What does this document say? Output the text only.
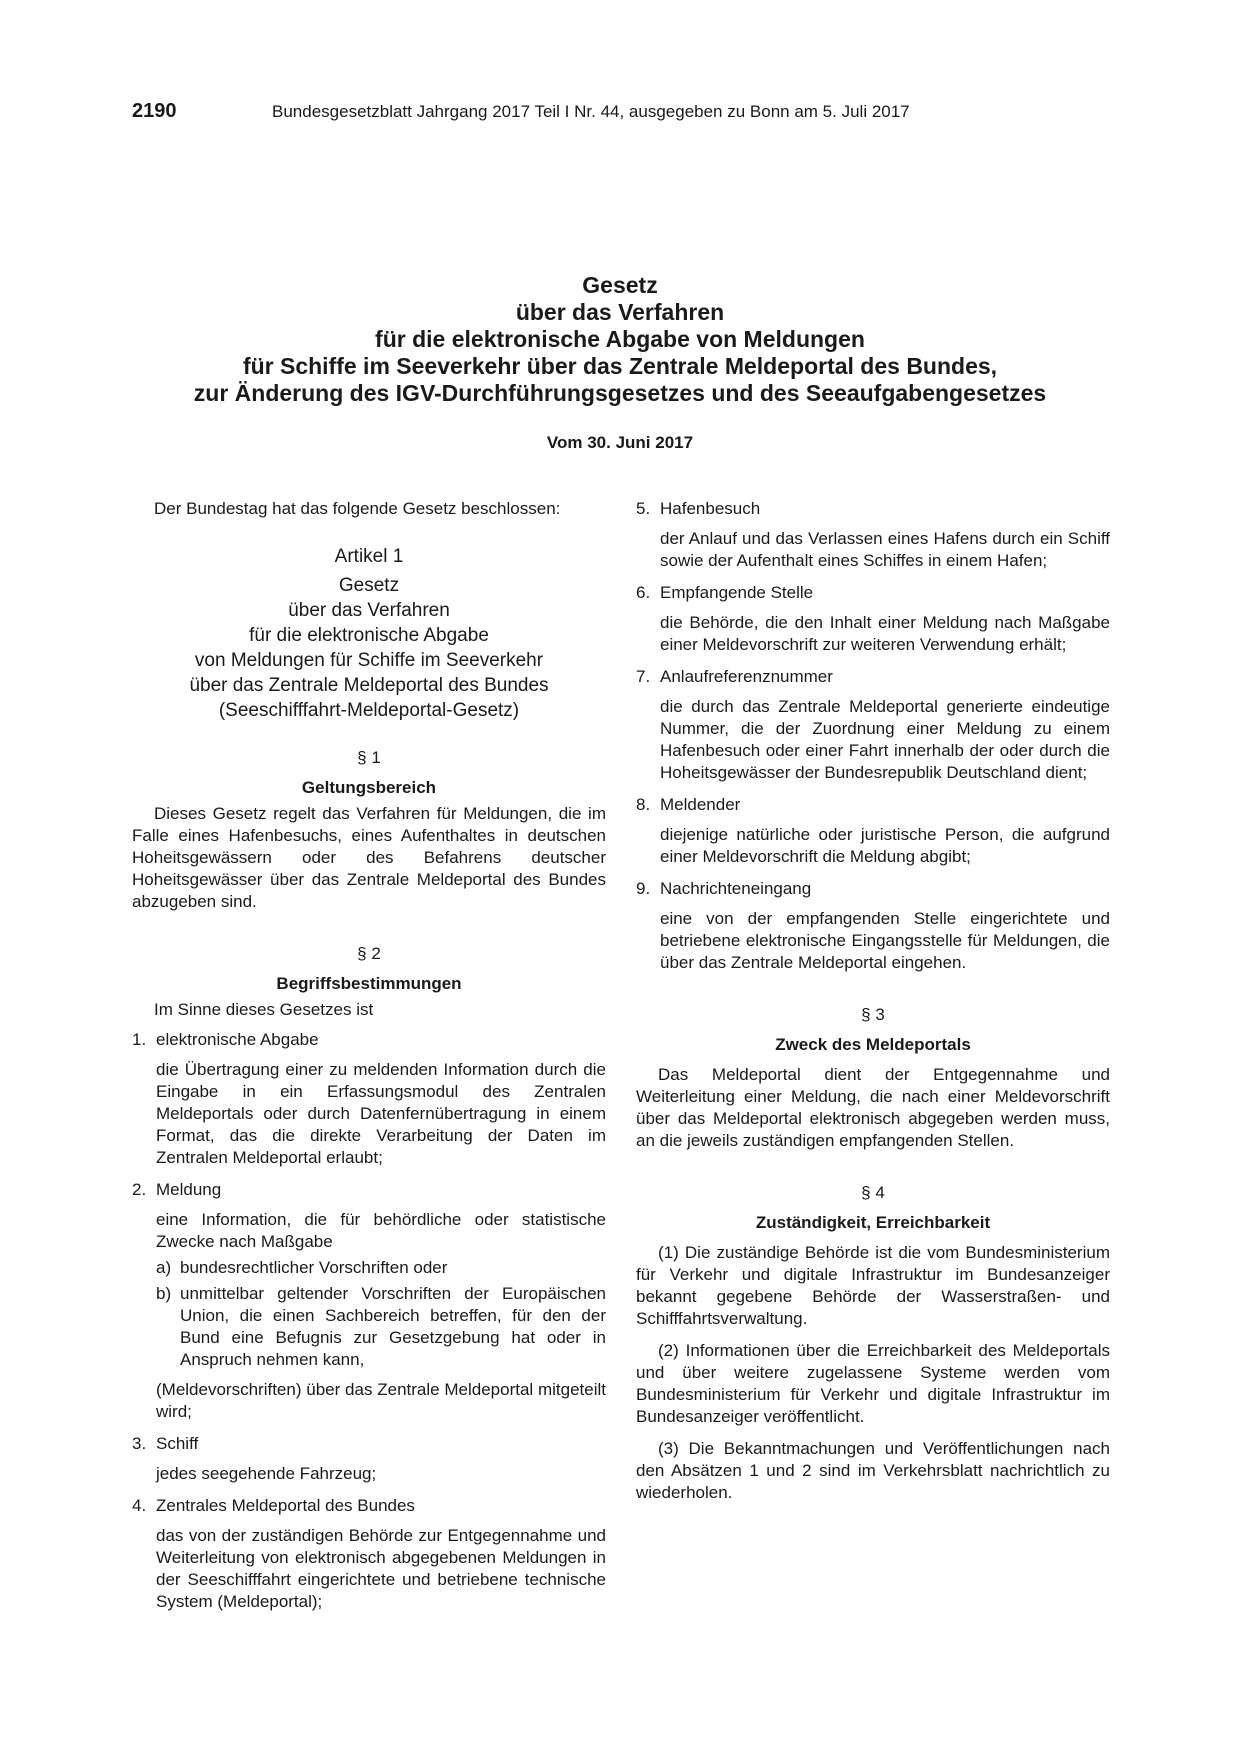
2190	Bundesgesetzblatt Jahrgang 2017 Teil I Nr. 44, ausgegeben zu Bonn am 5. Juli 2017
Gesetz
über das Verfahren
für die elektronische Abgabe von Meldungen
für Schiffe im Seeverkehr über das Zentrale Meldeportal des Bundes,
zur Änderung des IGV-Durchführungsgesetzes und des Seeaufgabengesetzes
Vom 30. Juni 2017

Der Bundestag hat das folgende Gesetz beschlossen:

Artikel 1
Gesetz
über das Verfahren
für die elektronische Abgabe
von Meldungen für Schiffe im Seeverkehr
über das Zentrale Meldeportal des Bundes
(Seeschifffahrt-Meldeportal-Gesetz)
§ 1
Geltungsbereich

Dieses Gesetz regelt das Verfahren für Meldungen, die im Falle eines Hafenbesuchs, eines Aufenthaltes in deutschen Hoheitsgewässern oder des Befahrens deutscher Hoheitsgewässer über das Zentrale Meldeportal des Bundes abzugeben sind.

§ 2
Begriffsbestimmungen

Im Sinne dieses Gesetzes ist

1. elektronische Abgabe

die Übertragung einer zu meldenden Information durch die Eingabe in ein Erfassungsmodul des Zentralen Meldeportals oder durch Datenfernübertragung in einem Format, das die direkte Verarbeitung der Daten im Zentralen Meldeportal erlaubt;

2. Meldung

eine Information, die für behördliche oder statistische Zwecke nach Maßgabe

a) bundesrechtlicher Vorschriften oder
b) unmittelbar geltender Vorschriften der Europäischen Union, die einen Sachbereich betreffen, für den der Bund eine Befugnis zur Gesetzgebung hat oder in Anspruch nehmen kann,

(Meldevorschriften) über das Zentrale Meldeportal mitgeteilt wird;

3. Schiff

jedes seegehende Fahrzeug;

4. Zentrales Meldeportal des Bundes

das von der zuständigen Behörde zur Entgegennahme und Weiterleitung von elektronisch abgegebenen Meldungen in der Seeschifffahrt eingerichtete und betriebene technische System (Meldeportal);

5. Hafenbesuch

der Anlauf und das Verlassen eines Hafens durch ein Schiff sowie der Aufenthalt eines Schiffes in einem Hafen;

6. Empfangende Stelle

die Behörde, die den Inhalt einer Meldung nach Maßgabe einer Meldevorschrift zur weiteren Verwendung erhält;

7. Anlaufreferenznummer

die durch das Zentrale Meldeportal generierte eindeutige Nummer, die der Zuordnung einer Meldung zu einem Hafenbesuch oder einer Fahrt innerhalb der oder durch die Hoheitsgewässer der Bundesrepublik Deutschland dient;

8. Meldender

diejenige natürliche oder juristische Person, die aufgrund einer Meldevorschrift die Meldung abgibt;

9. Nachrichteneingang

eine von der empfangenden Stelle eingerichtete und betriebene elektronische Eingangsstelle für Meldungen, die über das Zentrale Meldeportal eingehen.

§ 3
Zweck des Meldeportals

Das Meldeportal dient der Entgegennahme und Weiterleitung einer Meldung, die nach einer Meldevorschrift über das Meldeportal elektronisch abgegeben werden muss, an die jeweils zuständigen empfangenden Stellen.

§ 4
Zuständigkeit, Erreichbarkeit

(1) Die zuständige Behörde ist die vom Bundesministerium für Verkehr und digitale Infrastruktur im Bundesanzeiger bekannt gegebene Behörde der Wasserstraßen- und Schifffahrtsverwaltung.

(2) Informationen über die Erreichbarkeit des Meldeportals und über weitere zugelassene Systeme werden vom Bundesministerium für Verkehr und digitale Infrastruktur im Bundesanzeiger veröffentlicht.

(3) Die Bekanntmachungen und Veröffentlichungen nach den Absätzen 1 und 2 sind im Verkehrsblatt nachrichtlich zu wiederholen.
